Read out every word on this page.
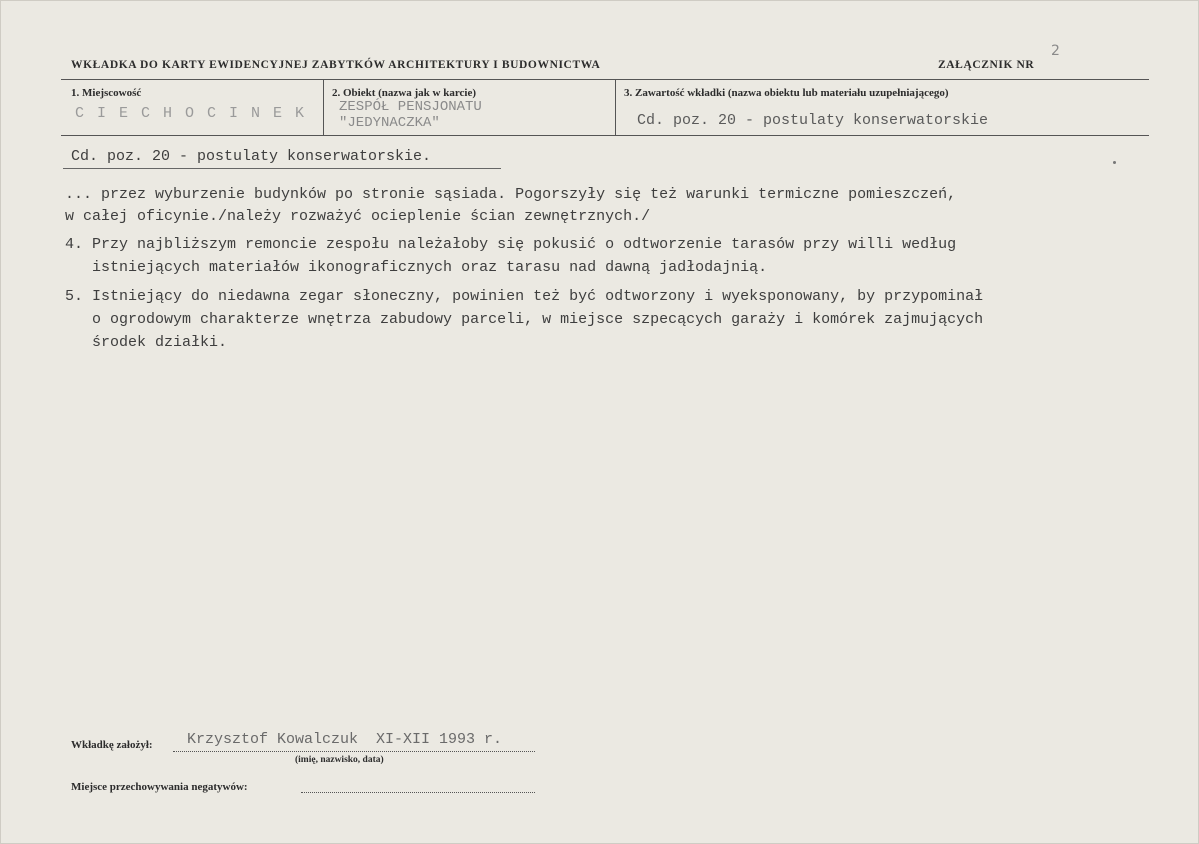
WKŁADKA DO KARTY EWIDENCYJNEJ ZABYTKÓW ARCHITEKTURY I BUDOWNICTWA	ZAŁĄCZNIK NR
2
1. Miejscowość
CIECHOCINEK
2. Obiekt (nazwa jak w karcie)
ZESPÓŁ PENSJONATU
"JEDYNACZKA"
3. Zawartość wkładki (nazwa obiektu lub materiału uzupełniającego)
Cd. poz. 20 - postulaty konserwatorskie
Cd. poz. 20 - postulaty konserwatorskie.
... przez wyburzenie budynków po stronie sąsiada. Pogorszyły się też warunki termiczne pomieszczeń,
w całej oficynie./należy rozważyć ocieplenie ścian zewnętrznych./
4. Przy najbliższym remoncie zespołu należałoby się pokusić o odtworzenie tarasów przy willi według
istniejących materiałów ikonograficznych oraz tarasu nad dawną jadłodajnią.
5. Istniejący do niedawna zegar słoneczny, powinien też być odtworzony i wyeksponowany, by przypominał
o ogrodowym charakterze wnętrza zabudowy parceli, w miejsce szpecących garaży i komórek zajmujących
środek działki.
Wkładkę założył: Krzysztof Kowalczuk  XI-XII 1993 r.
(imię, nazwisko, data)
Miejsce przechowywania negatywów:
